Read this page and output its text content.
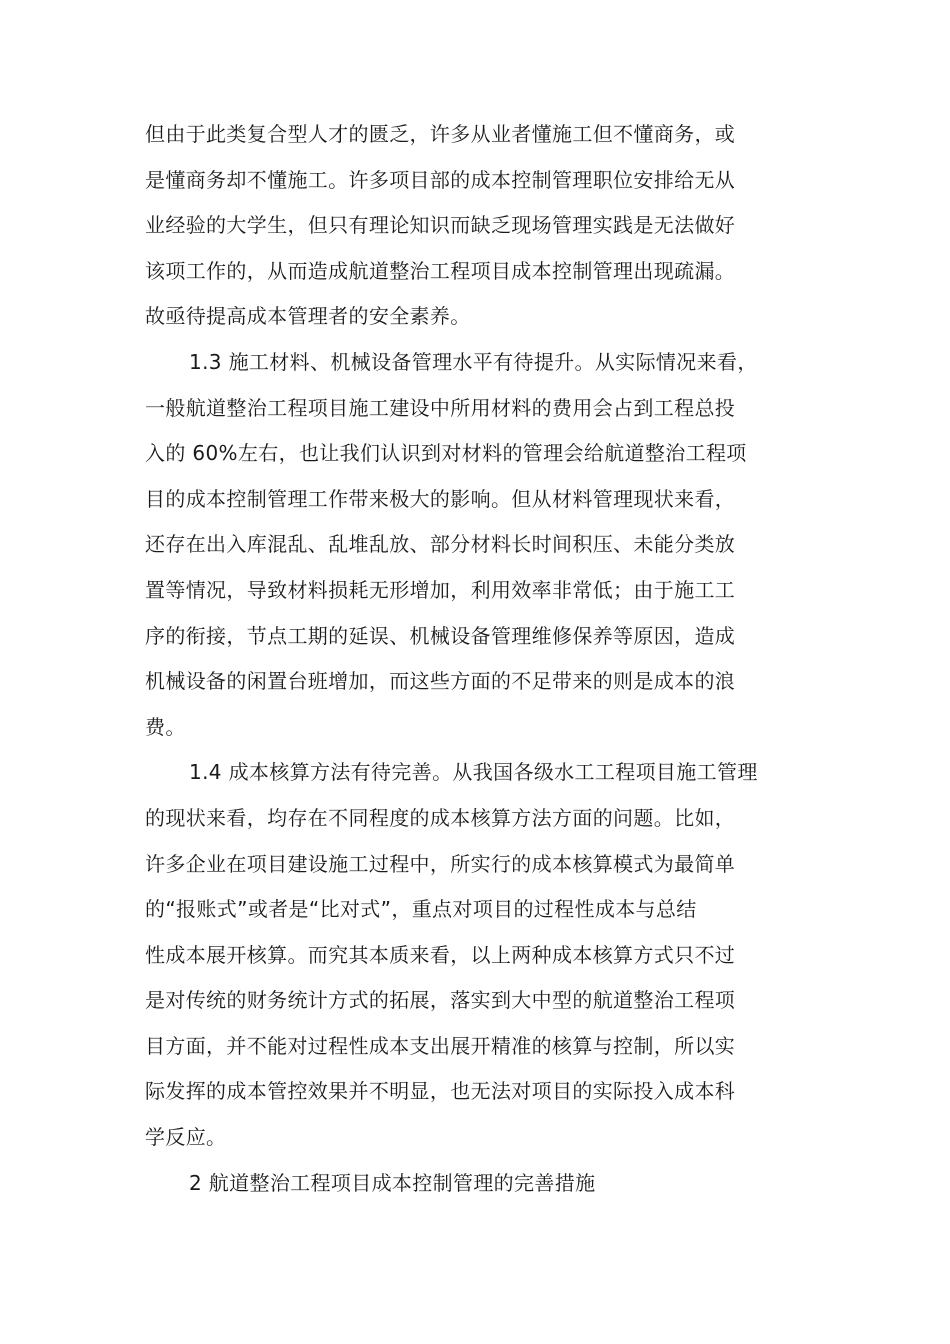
但由于此类复合型人才的匮乏，许多从业者懂施工但不懂商务，或
是懂商务却不懂施工。许多项目部的成本控制管理职位安排给无从
业经验的大学生，但只有理论知识而缺乏现场管理实践是无法做好
该项工作的，从而造成航道整治工程项目成本控制管理出现疏漏。
故亟待提高成本管理者的安全素养。
1.3 施工材料、机械设备管理水平有待提升。从实际情况来看，
一般航道整治工程项目施工建设中所用材料的费用会占到工程总投
入的 60%左右，也让我们认识到对材料的管理会给航道整治工程项
目的成本控制管理工作带来极大的影响。但从材料管理现状来看，
还存在出入库混乱、乱堆乱放、部分材料长时间积压、未能分类放
置等情况，导致材料损耗无形增加，利用效率非常低；由于施工工
序的衔接，节点工期的延误、机械设备管理维修保养等原因，造成
机械设备的闲置台班增加，而这些方面的不足带来的则是成本的浪
费。
1.4 成本核算方法有待完善。从我国各级水工工程项目施工管理
的现状来看，均存在不同程度的成本核算方法方面的问题。比如，
许多企业在项目建设施工过程中，所实行的成本核算模式为最简单
的“报账式”或者是“比对式”，重点对项目的过程性成本与总结
性成本展开核算。而究其本质来看，以上两种成本核算方式只不过
是对传统的财务统计方式的拓展，落实到大中型的航道整治工程项
目方面，并不能对过程性成本支出展开精准的核算与控制，所以实
际发挥的成本管控效果并不明显，也无法对项目的实际投入成本科
学反应。
2 航道整治工程项目成本控制管理的完善措施
